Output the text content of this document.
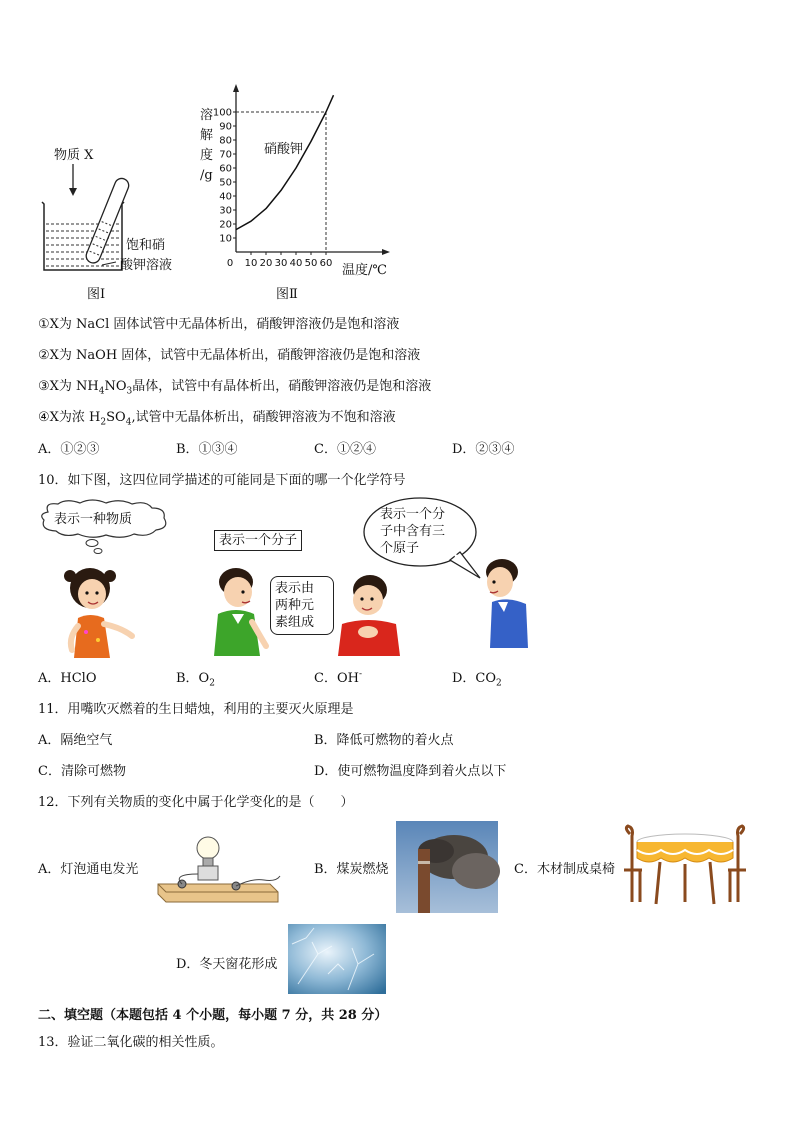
物质 X
饱和硝
酸钾溶液
图Ⅰ
溶
解
度
/g
10
20
30
40
50
60
70
80
90
100
0 10 20 30 40 50 60
硝酸钾
温度/℃
图Ⅱ
①X为 NaCl 固体试管中无晶体析出，硝酸钾溶液仍是饱和溶液
②X为 NaOH 固体，试管中无晶体析出，硝酸钾溶液仍是饱和溶液
③X为 $NH_4NO_3$晶体，试管中有晶体析出，硝酸钾溶液仍是饱和溶液
④X为浓 $H_2SO_4$,试管中无晶体析出，硝酸钾溶液为不饱和溶液
A．①②③	B．①③④	C．①②④	D．②③④
10．如下图，这四位同学描述的可能同是下面的哪一个化学符号
表示一种物质
表示一个分子
表示由
两种元
素组成
表示一个分
子中含有三
个原子
A．HClO	B．$O_2$	C．OH-	D．$CO_2$
11．用嘴吹灭燃着的生日蜡烛，利用的主要灭火原理是
A．隔绝空气	B．降低可燃物的着火点
C．清除可燃物	D．使可燃物温度降到着火点以下
12．下列有关物质的变化中属于化学变化的是（　　）
A．灯泡通电发光	B．煤炭燃烧	C．木材制成桌椅
D．冬天窗花形成
二、填空题（本题包括 4 个小题，每小题 7 分，共 28 分）
13．验证二氧化碳的相关性质。
